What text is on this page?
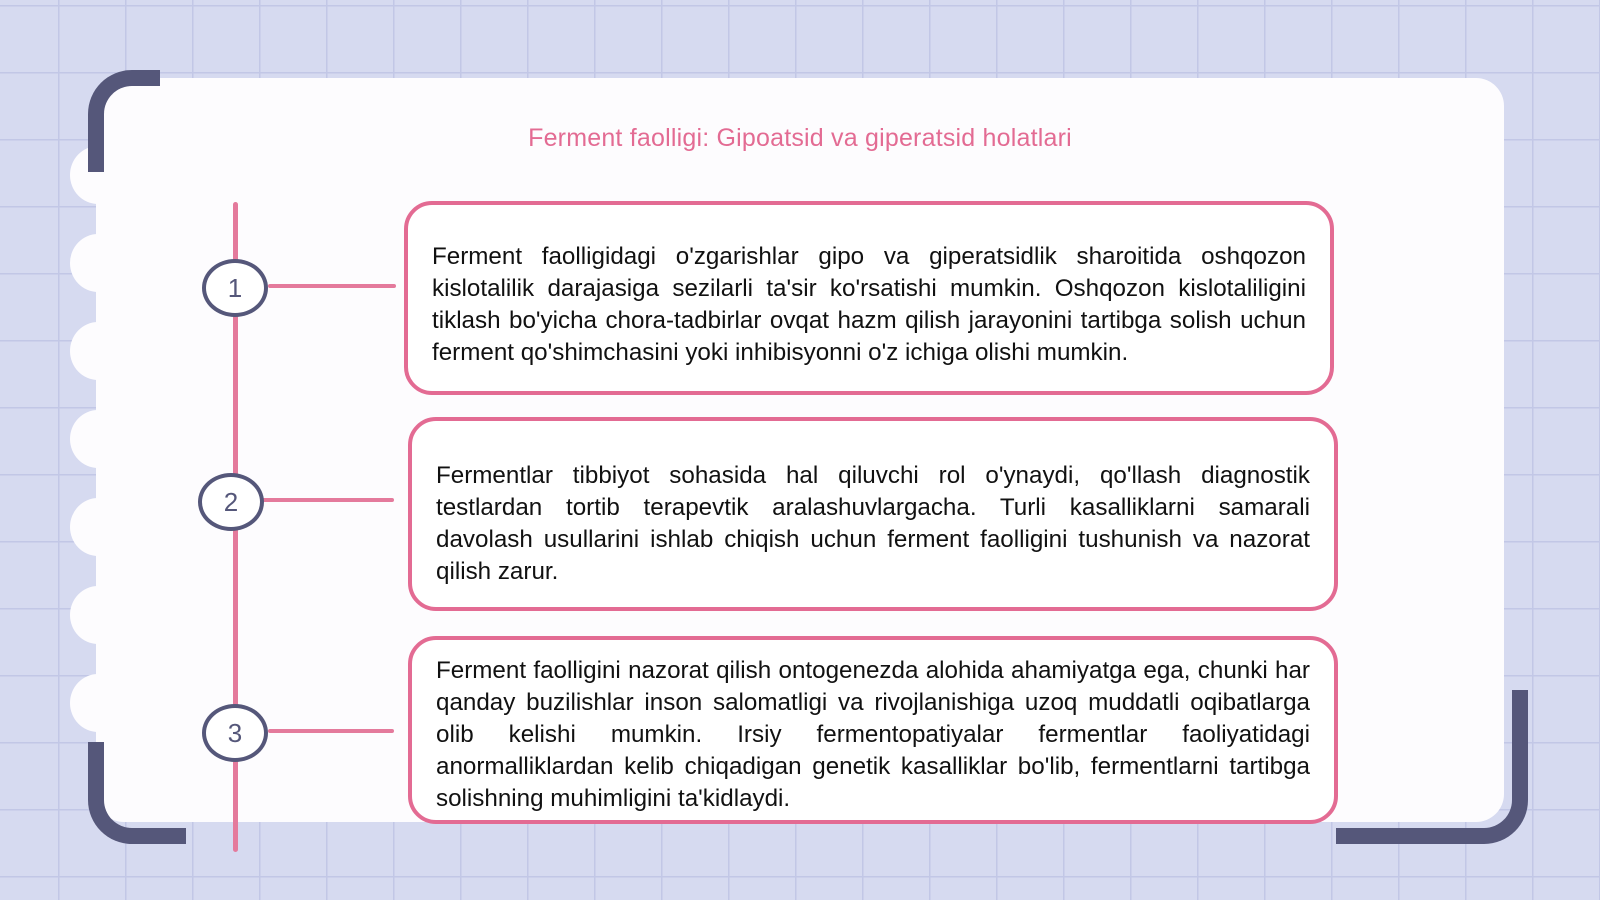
Ferment faolligi: Gipoatsid va giperatsid holatlari
1
2
3

Ferment faolligidagi o'zgarishlar gipo va giperatsidlik sharoitida oshqozon kislotalilik darajasiga sezilarli ta'sir ko'rsatishi mumkin. Oshqozon kislotaliligini tiklash bo'yicha chora-tadbirlar ovqat hazm qilish jarayonini tartibga solish uchun ferment qo'shimchasini yoki inhibisyonni o'z ichiga olishi mumkin.

Fermentlar tibbiyot sohasida hal qiluvchi rol o'ynaydi, qo'llash diagnostik testlardan tortib terapevtik aralashuvlargacha. Turli kasalliklarni samarali davolash usullarini ishlab chiqish uchun ferment faolligini tushunish va nazorat qilish zarur.

Ferment faolligini nazorat qilish ontogenezda alohida ahamiyatga ega, chunki har qanday buzilishlar inson salomatligi va rivojlanishiga uzoq muddatli oqibatlarga olib kelishi mumkin. Irsiy fermentopatiyalar fermentlar faoliyatidagi anormalliklardan kelib chiqadigan genetik kasalliklar bo'lib, fermentlarni tartibga solishning muhimligini ta'kidlaydi.
